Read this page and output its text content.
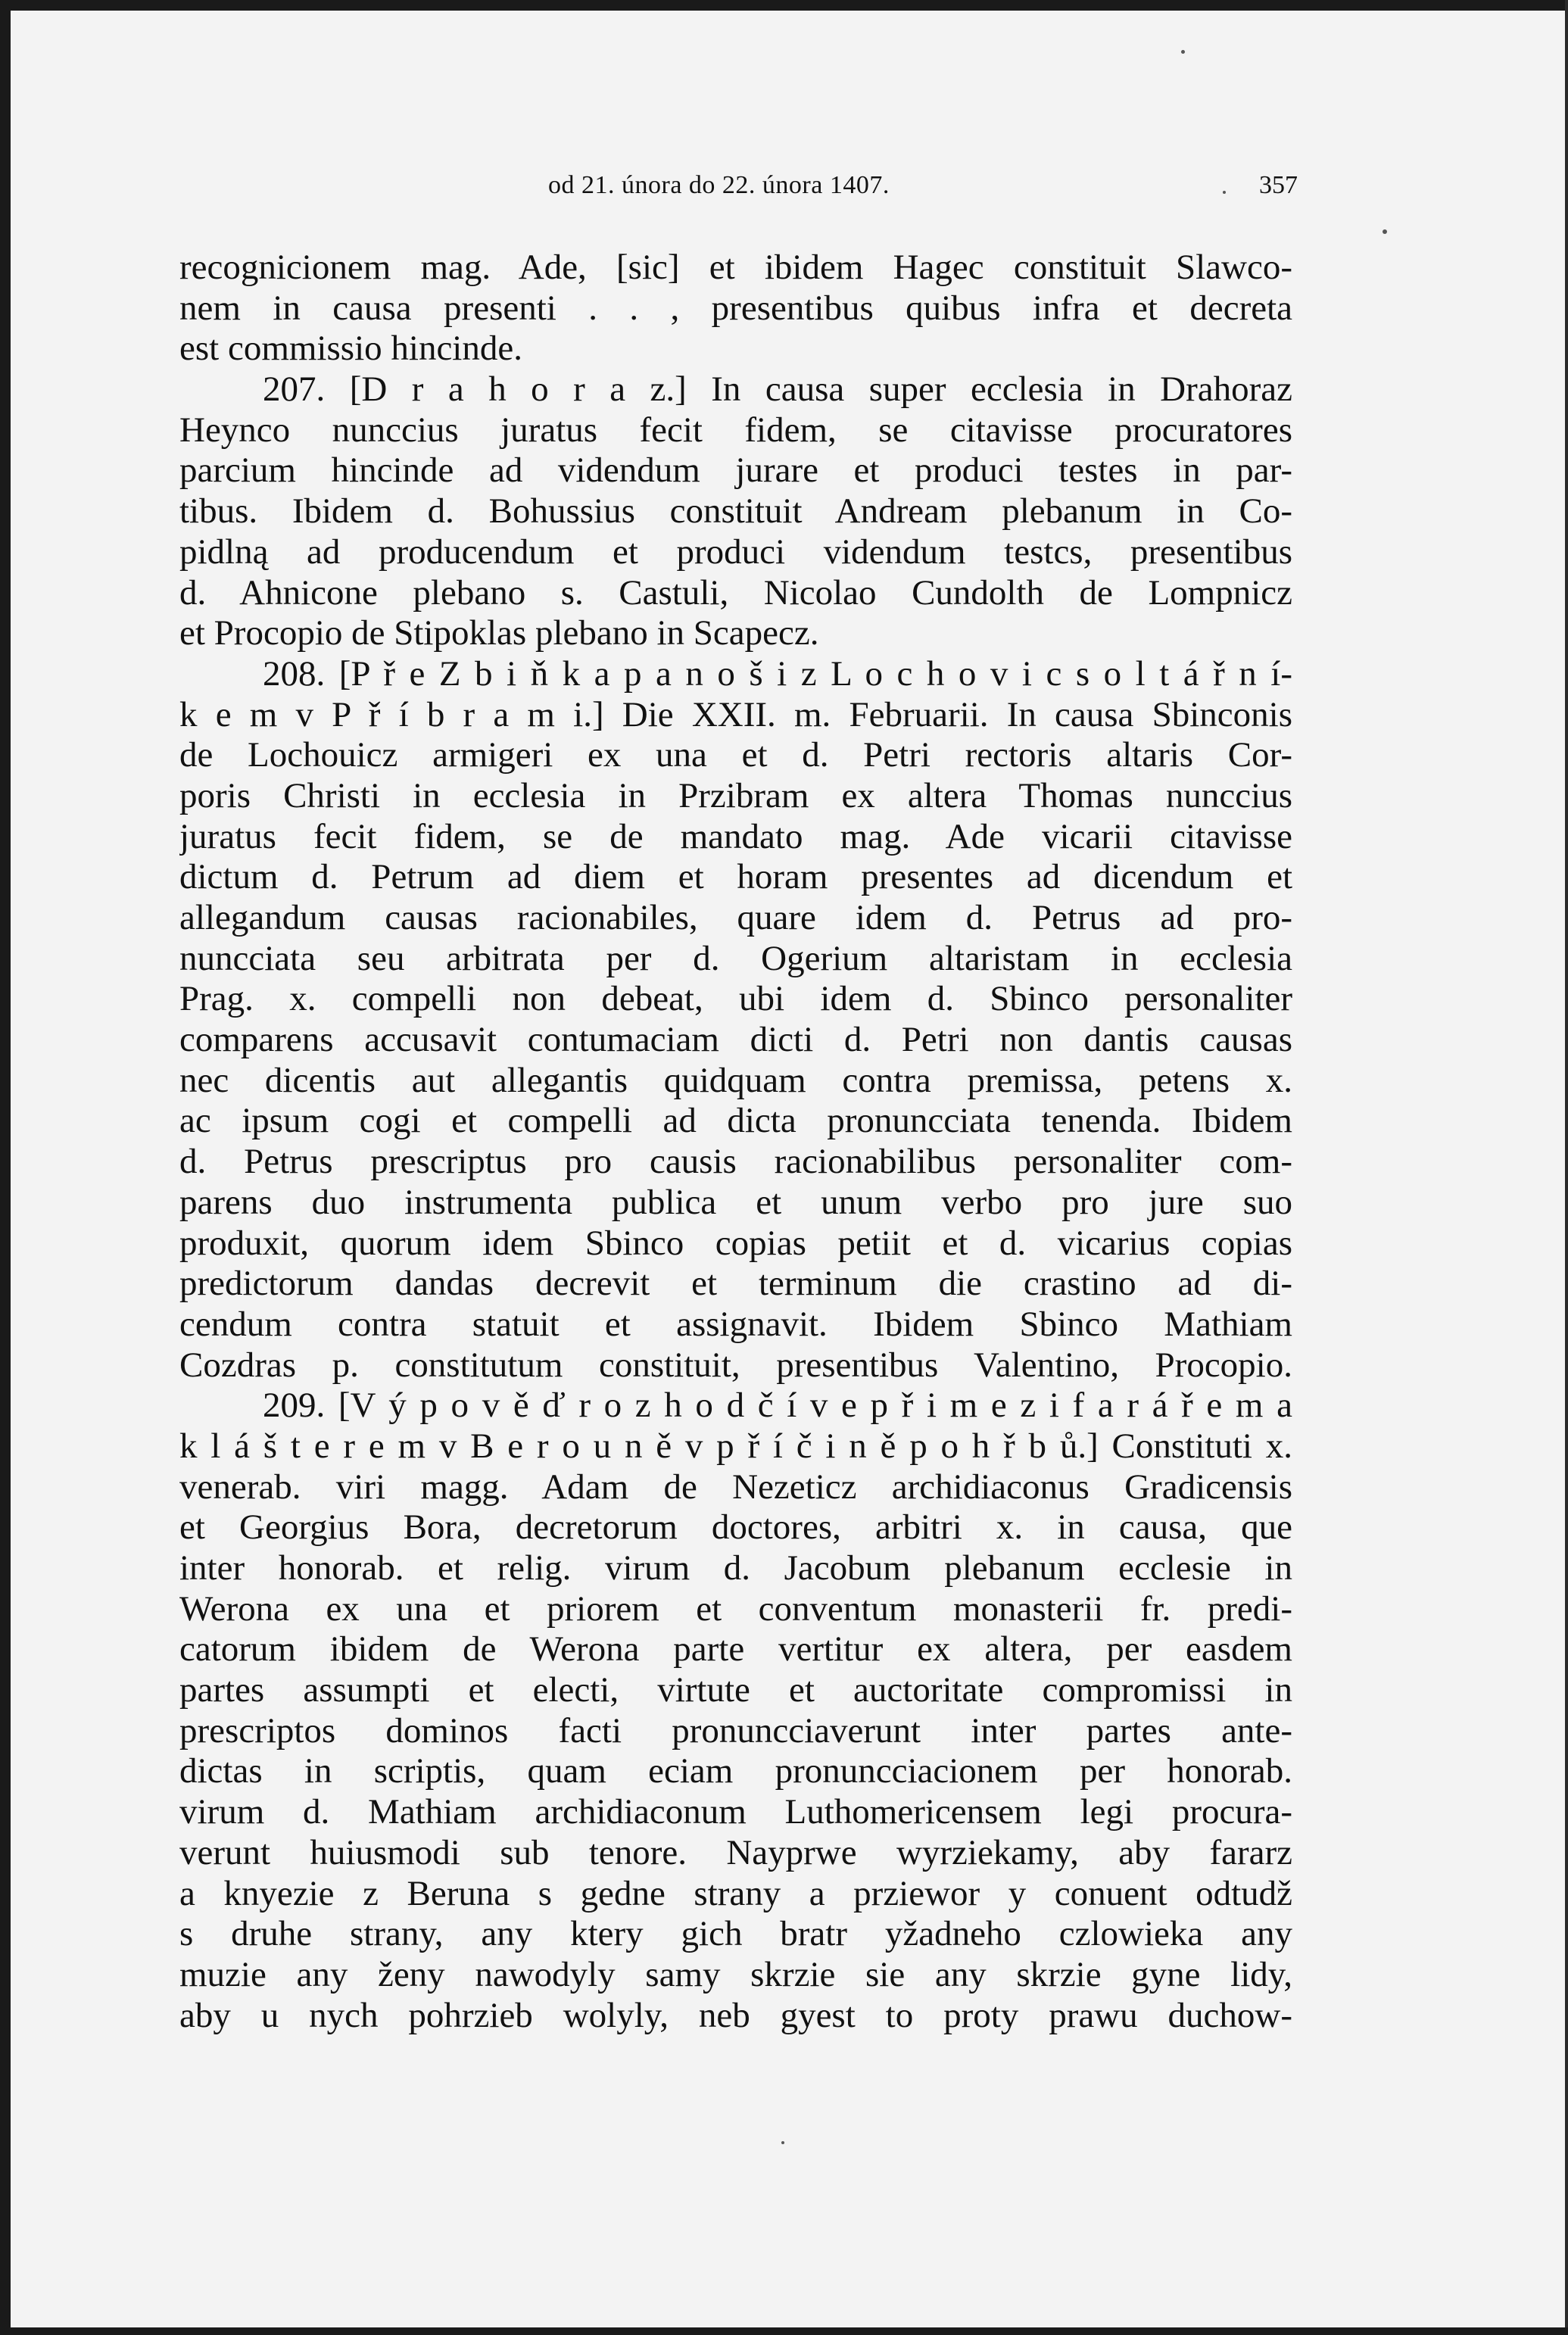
od 21. února do 22. února 1407.	357
recognicionem mag. Ade, [sic] et ibidem Hagec constituit Slawco-
nem in causa presenti . . , presentibus quibus infra et decreta
est commissio hincinde.
207. [D r a h o r a z.] In causa super ecclesia in Drahoraz
Heynco nunccius juratus fecit fidem, se citavisse procuratores
parcium hincinde ad videndum jurare et produci testes in par-
tibus. Ibidem d. Bohussius constituit Andream plebanum in Co-
pidlną ad producendum et produci videndum testcs, presentibus
d. Ahnicone plebano s. Castuli, Nicolao Cundolth de Lompnicz
et Procopio de Stipoklas plebano in Scapecz.
208. [P ř e Z b i ň k a p a n o š i z L o c h o v i c s o l t á ř n í-
k e m v P ř í b r a m i.] Die XXII. m. Februarii. In causa Sbinconis
de Lochouicz armigeri ex una et d. Petri rectoris altaris Cor-
poris Christi in ecclesia in Przibram ex altera Thomas nunccius
juratus fecit fidem, se de mandato mag. Ade vicarii citavisse
dictum d. Petrum ad diem et horam presentes ad dicendum et
allegandum causas racionabiles, quare idem d. Petrus ad pro-
nuncciata seu arbitrata per d. Ogerium altaristam in ecclesia
Prag. x. compelli non debeat, ubi idem d. Sbinco personaliter
comparens accusavit contumaciam dicti d. Petri non dantis causas
nec dicentis aut allegantis quidquam contra premissa, petens x.
ac ipsum cogi et compelli ad dicta pronuncciata tenenda. Ibidem
d. Petrus prescriptus pro causis racionabilibus personaliter com-
parens duo instrumenta publica et unum verbo pro jure suo
produxit, quorum idem Sbinco copias petiit et d. vicarius copias
predictorum dandas decrevit et terminum die crastino ad di-
cendum contra statuit et assignavit. Ibidem Sbinco Mathiam
Cozdras p. constitutum constituit, presentibus Valentino, Procopio.
209. [V ý p o v ě ď r o z h o d č í v e p ř i m e z i f a r á ř e m a
k l á š t e r e m v B e r o u n ě v p ř í č i n ě p o h ř b ů.] Constituti x.
venerab. viri magg. Adam de Nezeticz archidiaconus Gradicensis
et Georgius Bora, decretorum doctores, arbitri x. in causa, que
inter honorab. et relig. virum d. Jacobum plebanum ecclesie in
Werona ex una et priorem et conventum monasterii fr. predi-
catorum ibidem de Werona parte vertitur ex altera, per easdem
partes assumpti et electi, virtute et auctoritate compromissi in
prescriptos dominos facti pronuncciaverunt inter partes ante-
dictas in scriptis, quam eciam pronuncciacionem per honorab.
virum d. Mathiam archidiaconum Luthomericensem legi procura-
verunt huiusmodi sub tenore. Nayprwe wyrziekamy, aby fararz
a knyezie z Beruna s gedne strany a prziewor y conuent odtudž
s druhe strany, any ktery gich bratr yžadneho czlowieka any
muzie any ženy nawodyly samy skrzie sie any skrzie gyne lidy,
aby u nych pohrzieb wolyly, neb gyest to proty prawu duchow-
